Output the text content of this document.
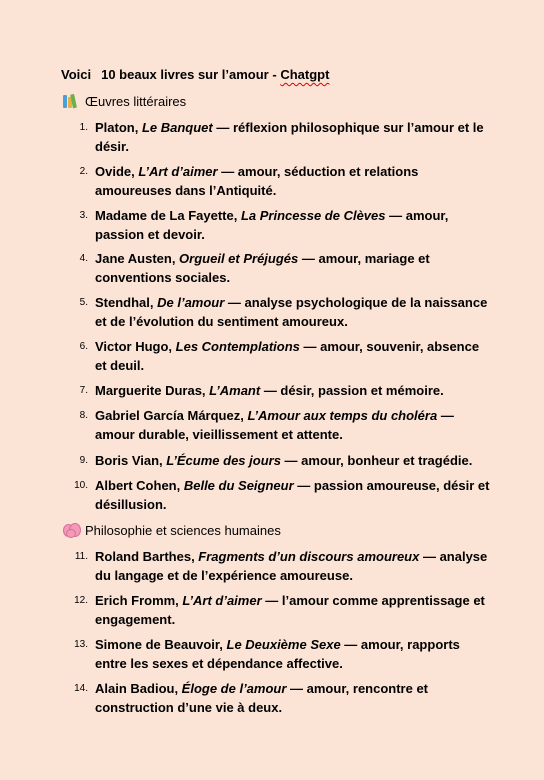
Voici 10 beaux livres sur l’amour - Chatgpt
Œuvres littéraires
Philosophie et sciences humaines
1. Platon, Le Banquet — réflexion philosophique sur l’amour et le désir.
2. Ovide, L’Art d’aimer — amour, séduction et relations amoureuses dans l’Antiquité.
3. Madame de La Fayette, La Princesse de Clèves — amour, passion et devoir.
4. Jane Austen, Orgueil et Préjugés — amour, mariage et conventions sociales.
5. Stendhal, De l’amour — analyse psychologique de la naissance et de l’évolution du sentiment amoureux.
6. Victor Hugo, Les Contemplations — amour, souvenir, absence et deuil.
7. Marguerite Duras, L’Amant — désir, passion et mémoire.
8. Gabriel García Márquez, L’Amour aux temps du choléra — amour durable, vieillissement et attente.
9. Boris Vian, L’Écume des jours — amour, bonheur et tragédie.
10. Albert Cohen, Belle du Seigneur — passion amoureuse, désir et désillusion.
11. Roland Barthes, Fragments d’un discours amoureux — analyse du langage et de l’expérience amoureuse.
12. Erich Fromm, L’Art d’aimer — l’amour comme apprentissage et engagement.
13. Simone de Beauvoir, Le Deuxième Sexe — amour, rapports entre les sexes et dépendance affective.
14. Alain Badiou, Éloge de l’amour — amour, rencontre et construction d’une vie à deux.
